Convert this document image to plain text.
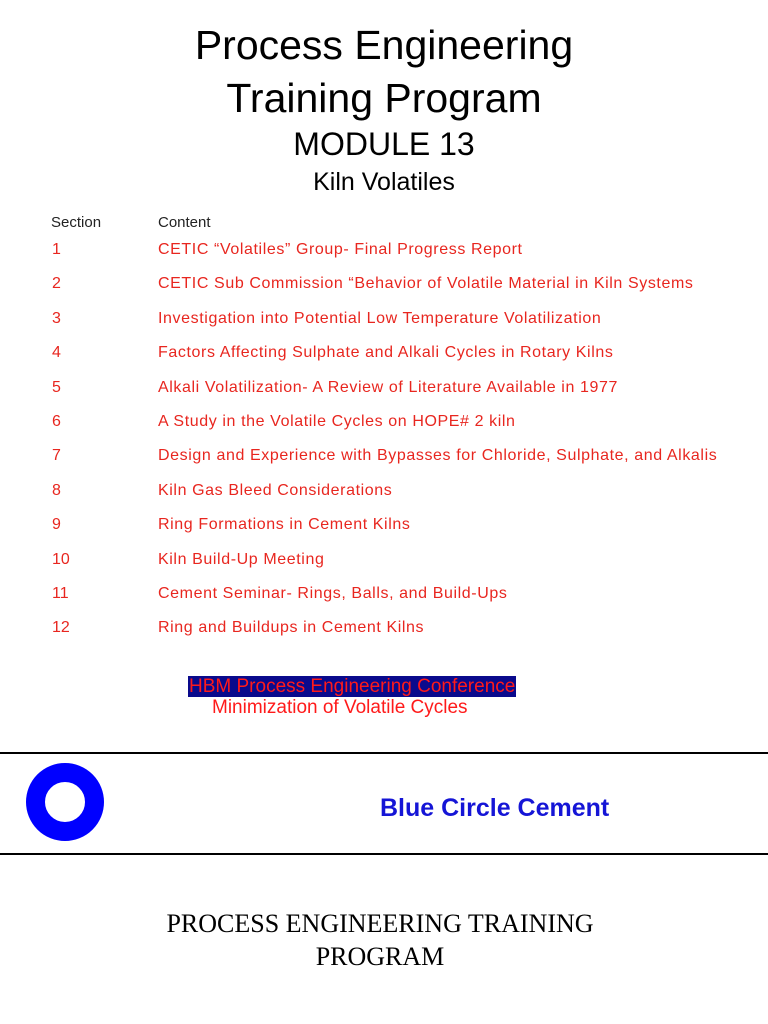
Process Engineering
Training Program
MODULE 13
Kiln Volatiles
Section	Content
1	CETIC “Volatiles” Group- Final Progress Report
2	CETIC Sub Commission “Behavior of Volatile Material in Kiln Systems
3	Investigation into Potential Low Temperature Volatilization
4	Factors Affecting Sulphate and Alkali Cycles in Rotary Kilns
5	Alkali Volatilization- A Review of Literature Available in 1977
6	A Study in the Volatile Cycles on HOPE# 2 kiln
7	Design and Experience with Bypasses for Chloride, Sulphate, and Alkalis
8	Kiln Gas Bleed Considerations
9	Ring Formations in Cement Kilns
10	Kiln Build-Up Meeting
11	Cement Seminar- Rings, Balls, and Build-Ups
12	Ring and Buildups in Cement Kilns
HBM Process Engineering Conference
Minimization of Volatile Cycles
Blue Circle Cement
PROCESS ENGINEERING TRAINING
PROGRAM
